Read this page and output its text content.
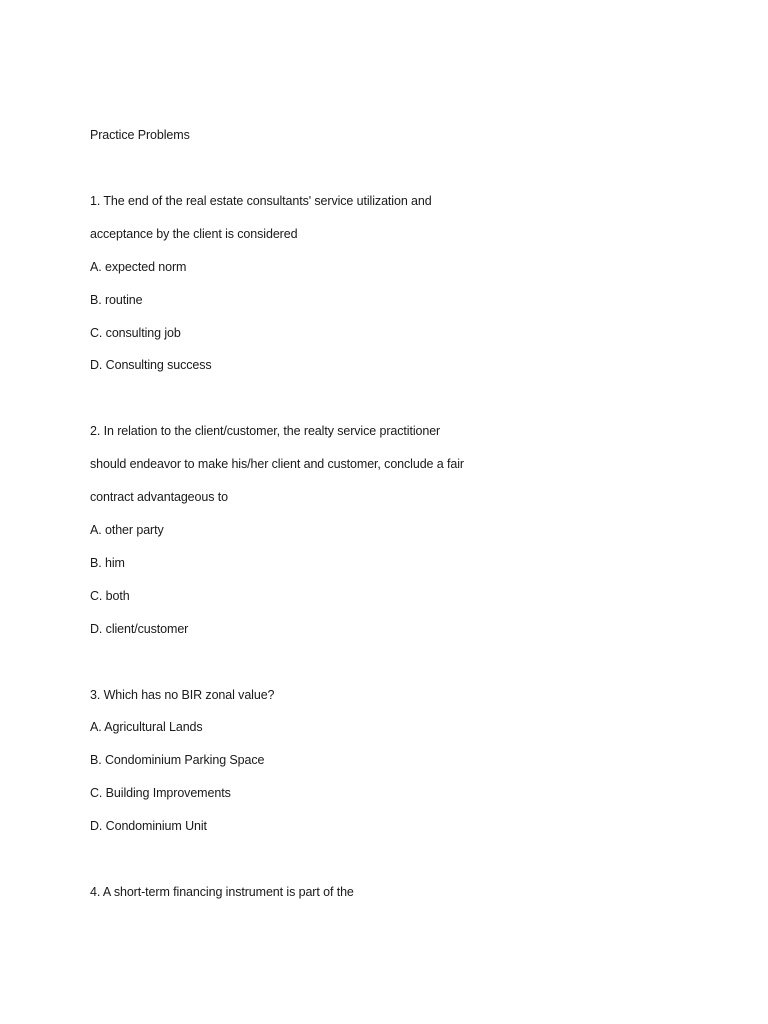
Practice Problems
1. The end of the real estate consultants' service utilization and
acceptance by the client is considered
A. expected norm
B. routine
C. consulting job
D. Consulting success
2. In relation to the client/customer, the realty service practitioner
should endeavor to make his/her client and customer, conclude a fair
contract advantageous to
A. other party
B. him
C. both
D. client/customer
3. Which has no BIR zonal value?
A. Agricultural Lands
B. Condominium Parking Space
C. Building Improvements
D. Condominium Unit
4. A short-term financing instrument is part of the
